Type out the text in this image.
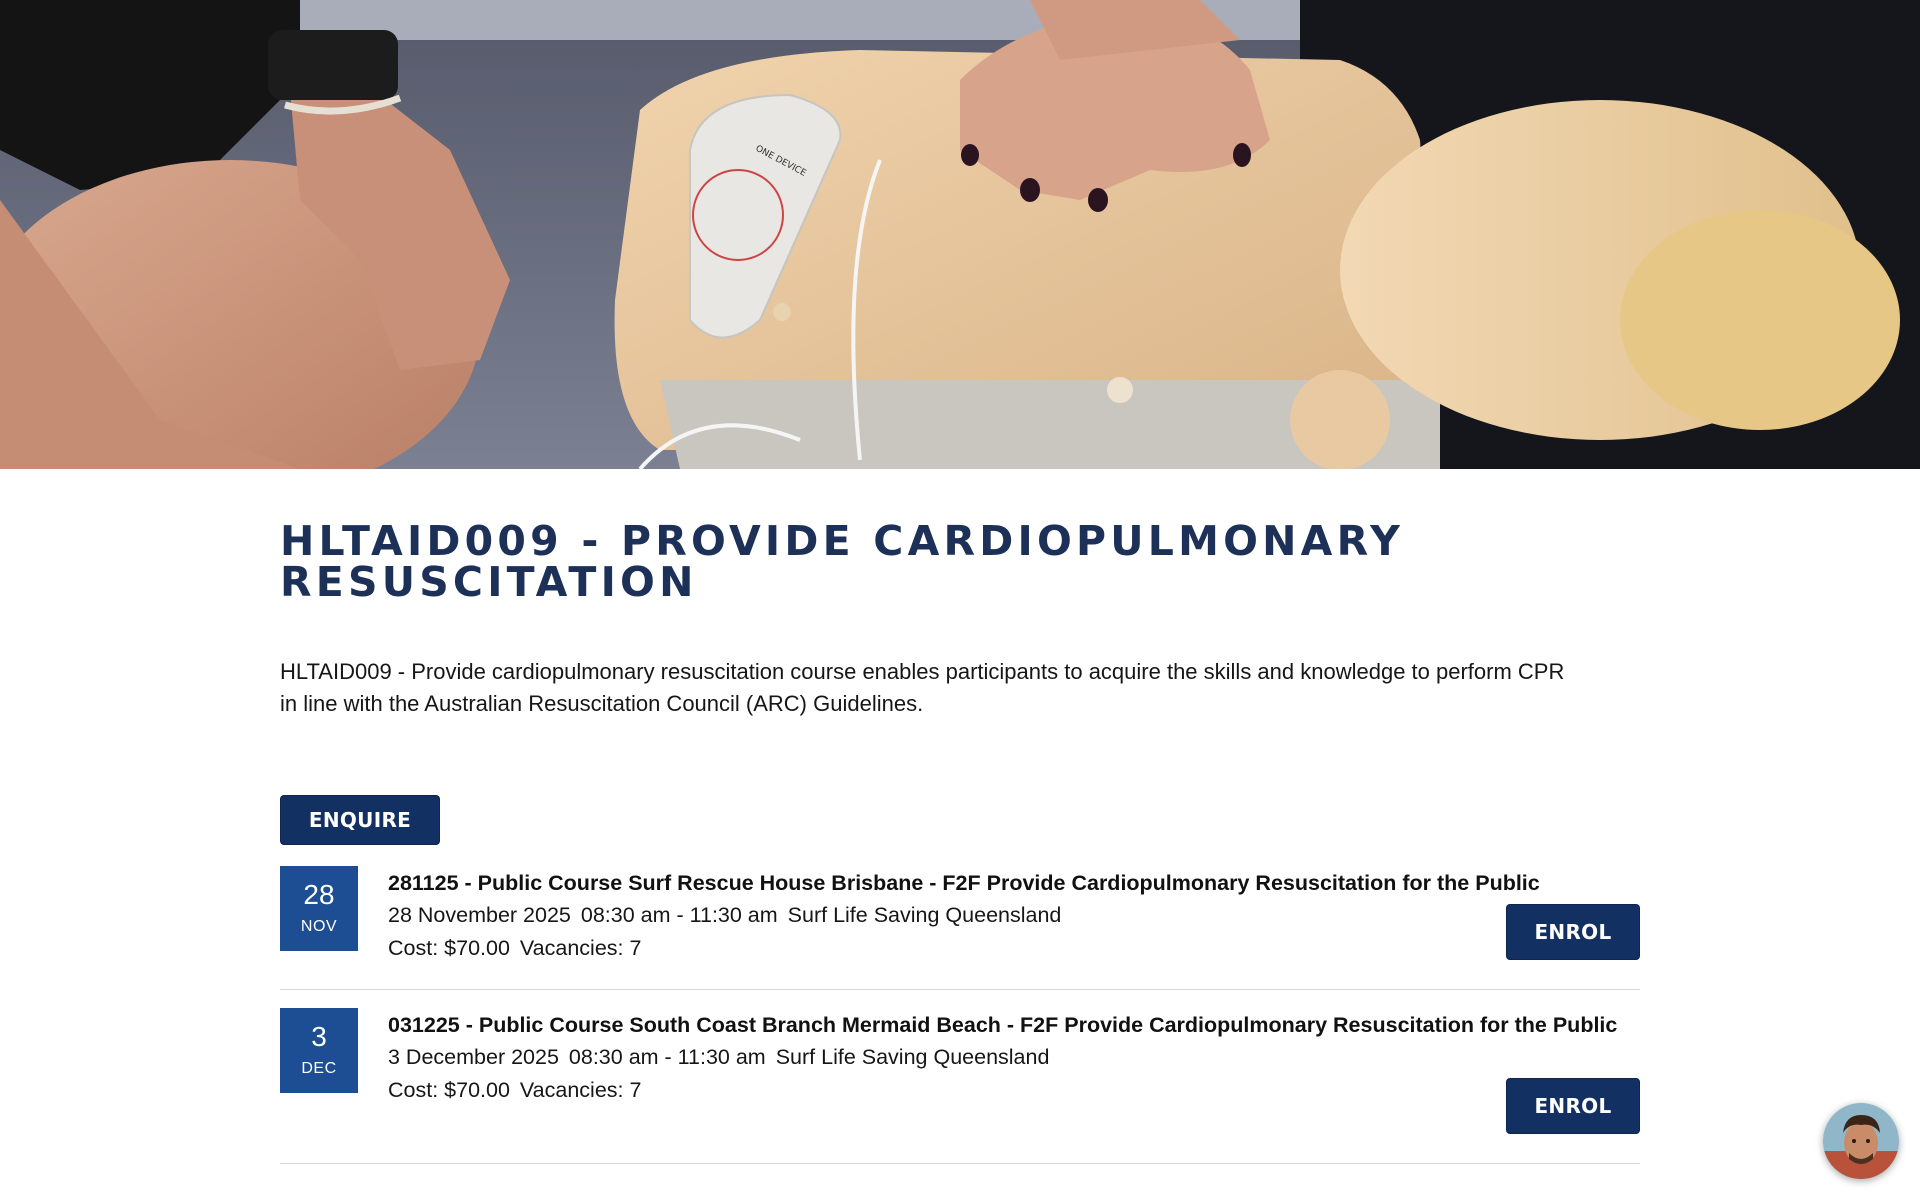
ONE DEVICE
HLTAID009 - PROVIDE CARDIOPULMONARY RESUSCITATION

HLTAID009 - Provide cardiopulmonary resuscitation course enables participants to acquire the skills and knowledge to perform CPR in line with the Australian Resuscitation Council (ARC) Guidelines.

ENQUIRE
28
NOV
281125 - Public Course Surf Rescue House Brisbane - F2F Provide Cardiopulmonary Resuscitation for the Public
28 November 2025 08:30 am - 11:30 am Surf Life Saving Queensland
Cost: $70.00 Vacancies: 7
ENROL
3
DEC
031225 - Public Course South Coast Branch Mermaid Beach - F2F Provide Cardiopulmonary Resuscitation for the Public
3 December 2025 08:30 am - 11:30 am Surf Life Saving Queensland
Cost: $70.00 Vacancies: 7
ENROL
